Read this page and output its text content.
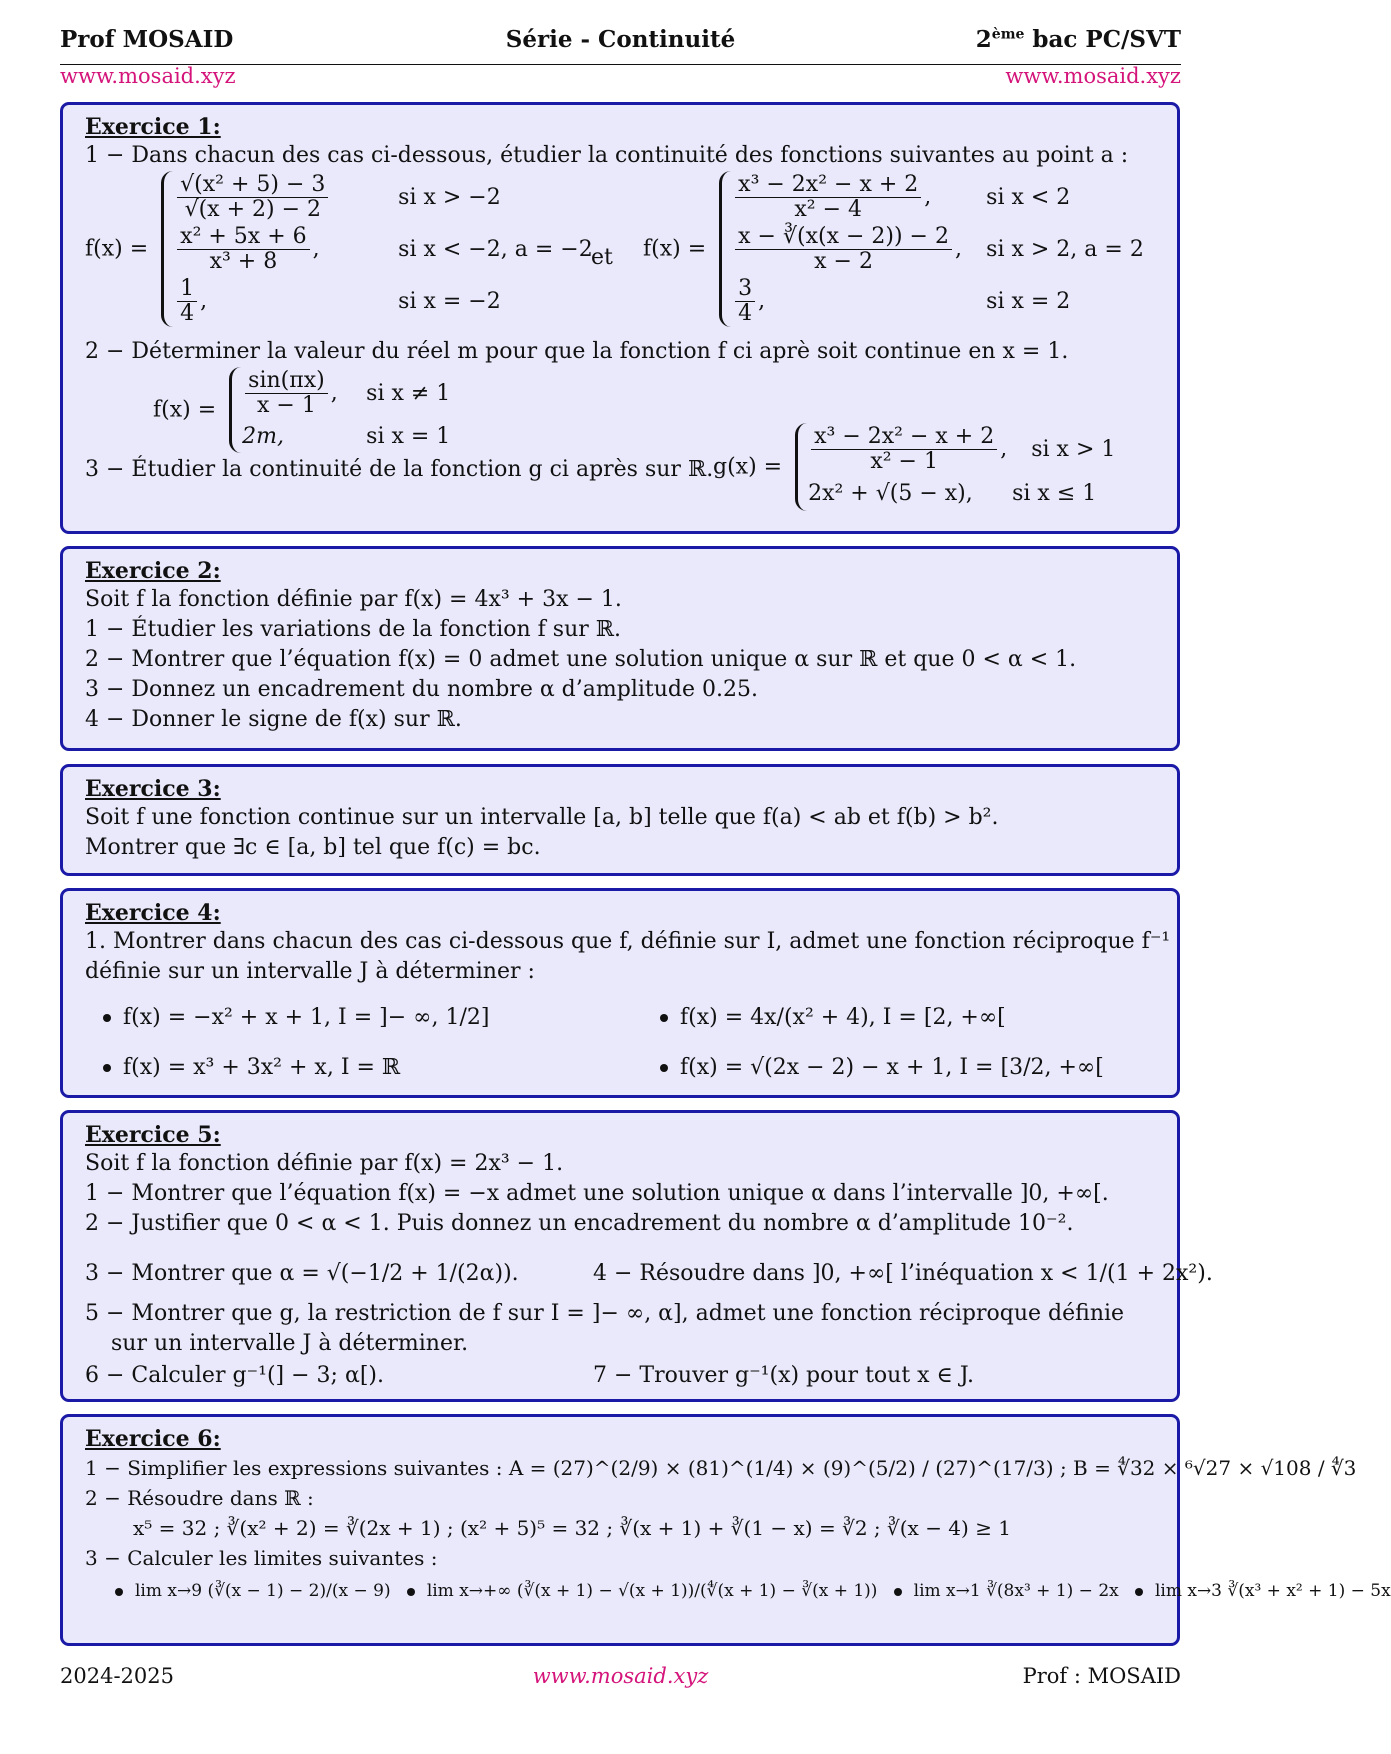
Prof MOSAID	Série - Continuité	2ème bac PC/SVT
www.mosaid.xyz	www.mosaid.xyz
Exercice 1:
1 − Dans chacun des cas ci-dessous, étudier la continuité des fonctions suivantes au point a :
f(x) =
$\frac{\text{√(x² + 5) − 3}}{√(x + 2) - 2}$	si x > −2
$\frac{\text{x² + 5x + 6}}{\text{x³ + 8}}$ ,	si x < −2, a = −2
$\frac{1}{4}$ ,	si x = −2
et f(x) =
$\frac{\text{x³ − 2x² − x + 2}}{\text{x² − 4}}$ ,	si x < 2
$\frac{x - ∛(x(x - 2)) - 2}{x - 2}$ , si x > 2, a = 2
$\frac{3}{4}$ ,	si x = 2
2 − Déterminer la valeur du réel m pour que la fonction f ci aprè soit continue en x = 1.
$f(x) = \frac{\sin(\pi x)}{x - 1}$ , si x ≠ 1
2m,	si x = 1
3 − Étudier la continuité de la fonction g ci après sur ℝ. $g(x) = \frac{\text{x³ − 2x² − x + 2}}{\text{x² − 1}}$ , si x > 1
2x² + √(5 − x),	si x ≤ 1
Exercice 2:
Soit f la fonction définie par f(x) = 4x³ + 3x − 1.
1 − Étudier les variations de la fonction f sur ℝ.
2 − Montrer que l’équation f(x) = 0 admet une solution unique α sur ℝ et que 0 < α < 1.
3 − Donnez un encadrement du nombre α d’amplitude 0.25.
4 − Donner le signe de f(x) sur ℝ.
Exercice 3:
Soit f une fonction continue sur un intervalle [a, b] telle que f(a) < ab et f(b) > b².
Montrer que ∃c ∈ [a, b] tel que f(c) = bc.
Exercice 4:
1. Montrer dans chacun des cas ci-dessous que f, définie sur I, admet une fonction réciproque f⁻¹
définie sur un intervalle J à déterminer :
f(x) = −x² + x + 1, I = ]− ∞, 1/2]	f(x) = 4x/(x² + 4), I = [2, +∞[
f(x) = x³ + 3x² + x, I = ℝ	f(x) = √(2x − 2) − x + 1, I = [3/2, +∞[
Exercice 5:
Soit f la fonction définie par f(x) = 2x³ − 1.
1 − Montrer que l’équation f(x) = −x admet une solution unique α dans l’intervalle ]0, +∞[.
2 − Justifier que 0 < α < 1. Puis donnez un encadrement du nombre α d’amplitude 10⁻².
3 − Montrer que α = √(−1/2 + 1/(2α)).	4 − Résoudre dans ]0, +∞[ l’inéquation x < 1/(1 + 2x²).
5 − Montrer que g, la restriction de f sur I = ]− ∞, α], admet une fonction réciproque définie
sur un intervalle J à déterminer.
6 − Calculer g⁻¹(] − 3; α[).	7 − Trouver g⁻¹(x) pour tout x ∈ J.
Exercice 6:
1 − Simplifier les expressions suivantes : A = (27)^(2/9) × (81)^(1/4) × (9)^(5/2) / (27)^(17/3) ; B = ∜32 × ⁶√27 × √108 / ∜3
2 − Résoudre dans ℝ :
x⁵ = 32 ; ∛(x² + 2) = ∛(2x + 1) ; (x² + 5)⁵ = 32 ; ∛(x + 1) + ∛(1 − x) = ∛2 ; ∛(x − 4) ≥ 1
3 − Calculer les limites suivantes :
lim x→9 (∛(x − 1) − 2)/(x − 9) lim x→+∞ (∛(x + 1) − √(x + 1))/(∜(x + 1) − ∛(x + 1)) lim x→1 ∛(8x³ + 1) − 2x lim x→3 ∛(x³ + x² + 1) − 5x
2024-2025	www.mosaid.xyz	Prof : MOSAID
